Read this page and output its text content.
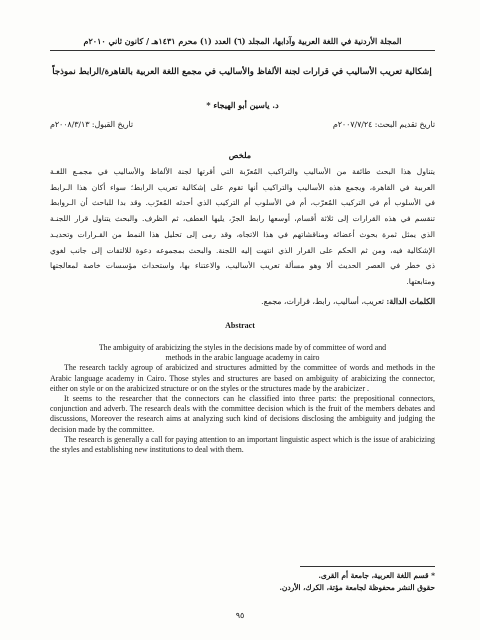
المجلة الأردنية في اللغة العربية وآدابها، المجلد (٦) العدد (١) محرم ١٤٣١هـ / كانون ثاني ٢٠١٠م
إشكالية تعريب الأساليب في قرارات لجنة الألفاظ والأساليب في مجمع اللغة العربية بالقاهرة/الرابط نموذجاً
د. ياسين أبو الهيجاء *
تاريخ تقديم البحث: ٢٠٠٧/٧/٢٤م
تاريخ القبول: ٢٠٠٨/٣/١٣م
ملخص
يتناول هذا البحث طائفة من الأساليب والتراكيب المُعرّبة التي أقرتها لجنة الألفاظ والأساليب في مجمـع اللغـة
العربية في القاهرة، ويجمع هذه الأساليب والتراكيب أنها تقوم على إشكالية تعريب الرابط؛ سواء أكان هذا الـرابط
في الأسلوب أم في التركيب المُعرّب، أم في الأسلوب أم التركيب الذي أحدثه المُعرّب. وقد بدا للباحث أن الـروابط
تنقسم في هذه القرارات إلى ثلاثة أقسام، أوسعها رابط الجرّ، يليها العطف، ثم الظرف. والبحث يتناول قرار اللجنـة
الذي يمثل ثمرة بحوث أعضائه ومناقشاتهم في هذا الاتجاه، وقد رمى إلى تحليل هذا النمط من القـرارات وتحديـد
الإشكالية فيه، ومن ثم الحكم على القرار الذي انتهت إليه اللجنة. والبحث بمجموعه دعوة للالتفات إلى جانب لغوي
ذي خطر في العصر الحديث ألا وهو مسألة تعريب الأساليب، والاعتناء بها، واستحداث مؤسسات خاصة لمعالجتها
ومتابعتها.
الكلمات الدالة: تعريب، أساليب، رابط، قرارات، مجمع.
Abstract

The ambiguity of arabicizing the styles in the decisions made by of committee of word and

methods in the arabic language academy in cairo

The research tackly agroup of arabicized and structures admitted by the committee of words and methods in the Arabic language academy in Cairo. Those styles and structures are based on ambiguity of arabicizing the connector, either on style or on the arabicized structure or on the styles or the structures made by the arabicizer .

It seems to the researcher that the connectors can he classified into three parts: the prepositional connectors, conjunction and adverb. The research deals with the committee decision which is the fruit of the members debates and discussions, Moreover the research aims at analyzing such kind of decisions disclosing the ambiguity and judging the decision made by the committee.

The research is generally a call for paying attention to an important linguistic aspect which is the issue of arabicizing the styles and establishing new institutions to deal with them.

* قسم اللغة العربية، جامعة أم القرى.
حقوق النشر محفوظة لجامعة مؤتة، الكرك، الأردن.
٩٥
